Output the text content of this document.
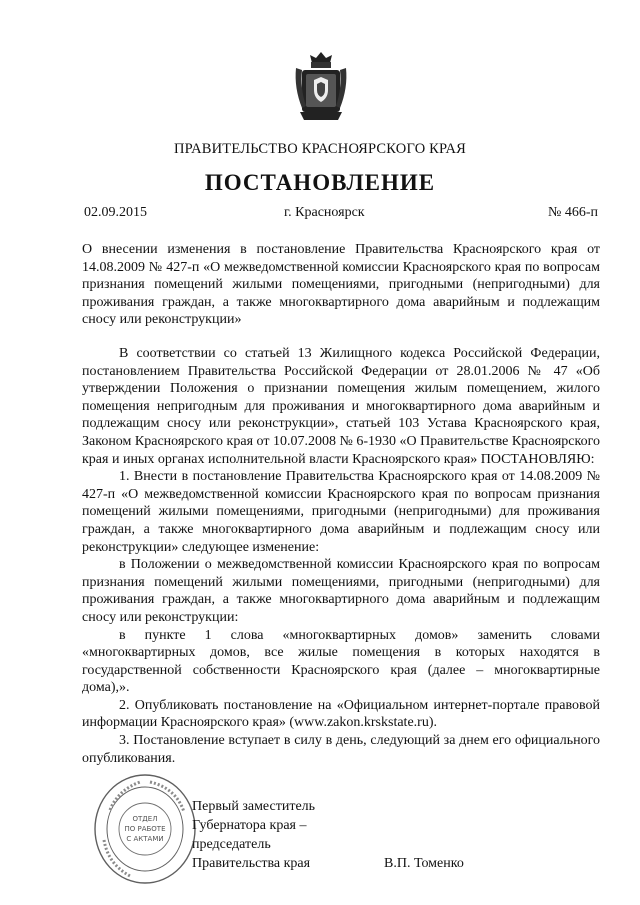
ПРАВИТЕЛЬСТВО КРАСНОЯРСКОГО КРАЯ
ПОСТАНОВЛЕНИЕ
02.09.2015	г. Красноярск	№ 466-п
О внесении изменения в постановление Правительства Красноярского края от 14.08.2009 № 427-п «О межведомственной комиссии Красноярского края по вопросам признания помещений жилыми помещениями, пригодными (непригодными) для проживания граждан, а также многоквартирного дома аварийным и подлежащим сносу или реконструкции»

В соответствии со статьей 13 Жилищного кодекса Российской Федерации, постановлением Правительства Российской Федерации от 28.01.2006 № 47 «Об утверждении Положения о признании помещения жилым помещением, жилого помещения непригодным для проживания и многоквартирного дома аварийным и подлежащим сносу или реконструкции», статьей 103 Устава Красноярского края, Законом Красноярского края от 10.07.2008 № 6-1930 «О Правительстве Красноярского края и иных органах исполнительной власти Красноярского края» ПОСТАНОВЛЯЮ:

1. Внести в постановление Правительства Красноярского края от 14.08.2009 № 427-п «О межведомственной комиссии Красноярского края по вопросам признания помещений жилыми помещениями, пригодными (непригодными) для проживания граждан, а также многоквартирного дома аварийным и подлежащим сносу или реконструкции» следующее изменение:

в Положении о межведомственной комиссии Красноярского края по вопросам признания помещений жилыми помещениями, пригодными (непригодными) для проживания граждан, а также многоквартирного дома аварийным и подлежащим сносу или реконструкции:

в пункте 1 слова «многоквартирных домов» заменить словами «многоквартирных домов, все жилые помещения в которых находятся в государственной собственности Красноярского края (далее – многоквартирные дома),».

2. Опубликовать постановление на «Официальном интернет-портале правовой информации Красноярского края» (www.zakon.krskstate.ru).

3. Постановление вступает в силу в день, следующий за днем его официального опубликования.

ОТДЕЛ
ПО РАБОТЕ
С АКТАМИ
Первый заместитель
Губернатора края –
председатель
Правительства края	В.П. Томенко
